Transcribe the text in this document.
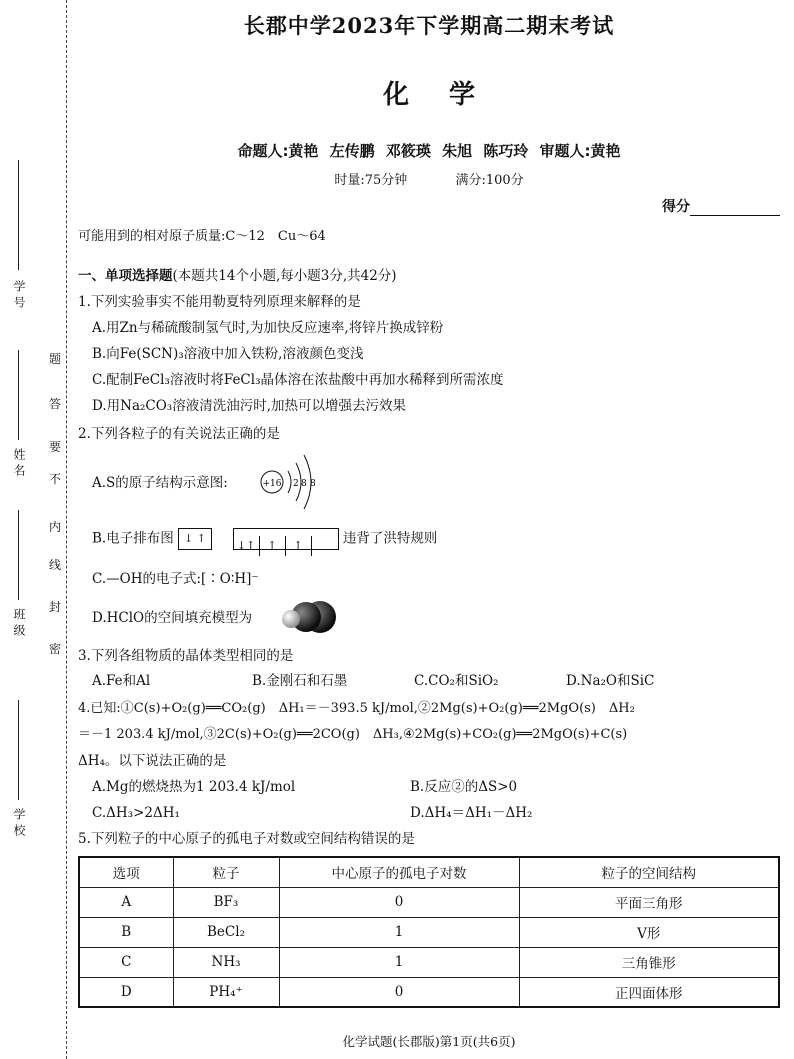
学 号
姓 名
班 级
学 校
题
答
要
不
内
线
封
密
长郡中学2023年下学期高二期末考试
化学
命题人:黄艳 左传鹏 邓筱瑛 朱旭 陈巧玲 审题人:黄艳
时量:75分钟	满分:100分
得分
可能用到的相对原子质量:C～12　Cu～64
一、单项选择题(本题共14个小题,每小题3分,共42分)
1.下列实验事实不能用勒夏特列原理来解释的是
A.用Zn与稀硫酸制氢气时,为加快反应速率,将锌片换成锌粉
B.向Fe(SCN)₃溶液中加入铁粉,溶液颜色变浅
C.配制FeCl₃溶液时将FeCl₃晶体溶在浓盐酸中再加水稀释到所需浓度
D.用Na₂CO₃溶液清洗油污时,加热可以增强去污效果
2.下列各粒子的有关说法正确的是
A.S的原子结构示意图:	+16 2 8 8
B.电子排布图 ↓ ↑  ↓↑ ↑ ↑	违背了洪特规则
C.—OH的电子式:[∶O∶H]⁻
D.HClO的空间填充模型为
3.下列各组物质的晶体类型相同的是
A.Fe和Al	B.金刚石和石墨	C.CO₂和SiO₂	D.Na₂O和SiC
4.已知:①C(s)+O₂(g)══CO₂(g)　ΔH₁＝－393.5 kJ/mol,②2Mg(s)+O₂(g)══2MgO(s)　ΔH₂
＝－1 203.4 kJ/mol,③2C(s)+O₂(g)══2CO(g)　ΔH₃,④2Mg(s)+CO₂(g)══2MgO(s)+C(s)
ΔH₄。以下说法正确的是
A.Mg的燃烧热为1 203.4 kJ/mol	B.反应②的ΔS>0
C.ΔH₃>2ΔH₁	D.ΔH₄＝ΔH₁－ΔH₂
5.下列粒子的中心原子的孤电子对数或空间结构错误的是
选项	粒子	中心原子的孤电子对数	粒子的空间结构
A	BF₃	0	平面三角形
B	BeCl₂	1	V形
C	NH₃	1	三角锥形
D	PH₄⁺	0	正四面体形
化学试题(长郡版)第1页(共6页)
